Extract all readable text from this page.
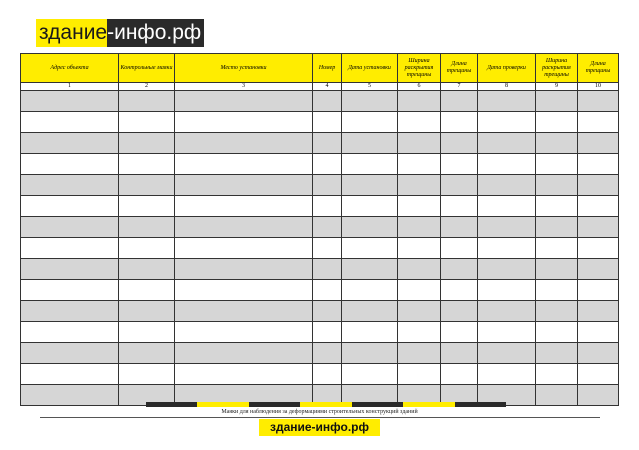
здание -инфо.рф
Адрес объекта	Контрольные маяки	Место установки	Номер	Дата установки	Ширина раскрытия трещины	Длина трещины	Дата проверки	Ширина раскрытия трещины	Длина трещины
1	2	3	4	5	6	7	8	9	10

Маяки для наблюдения за деформациями строительных конструкций зданий
здание-инфо.рф
